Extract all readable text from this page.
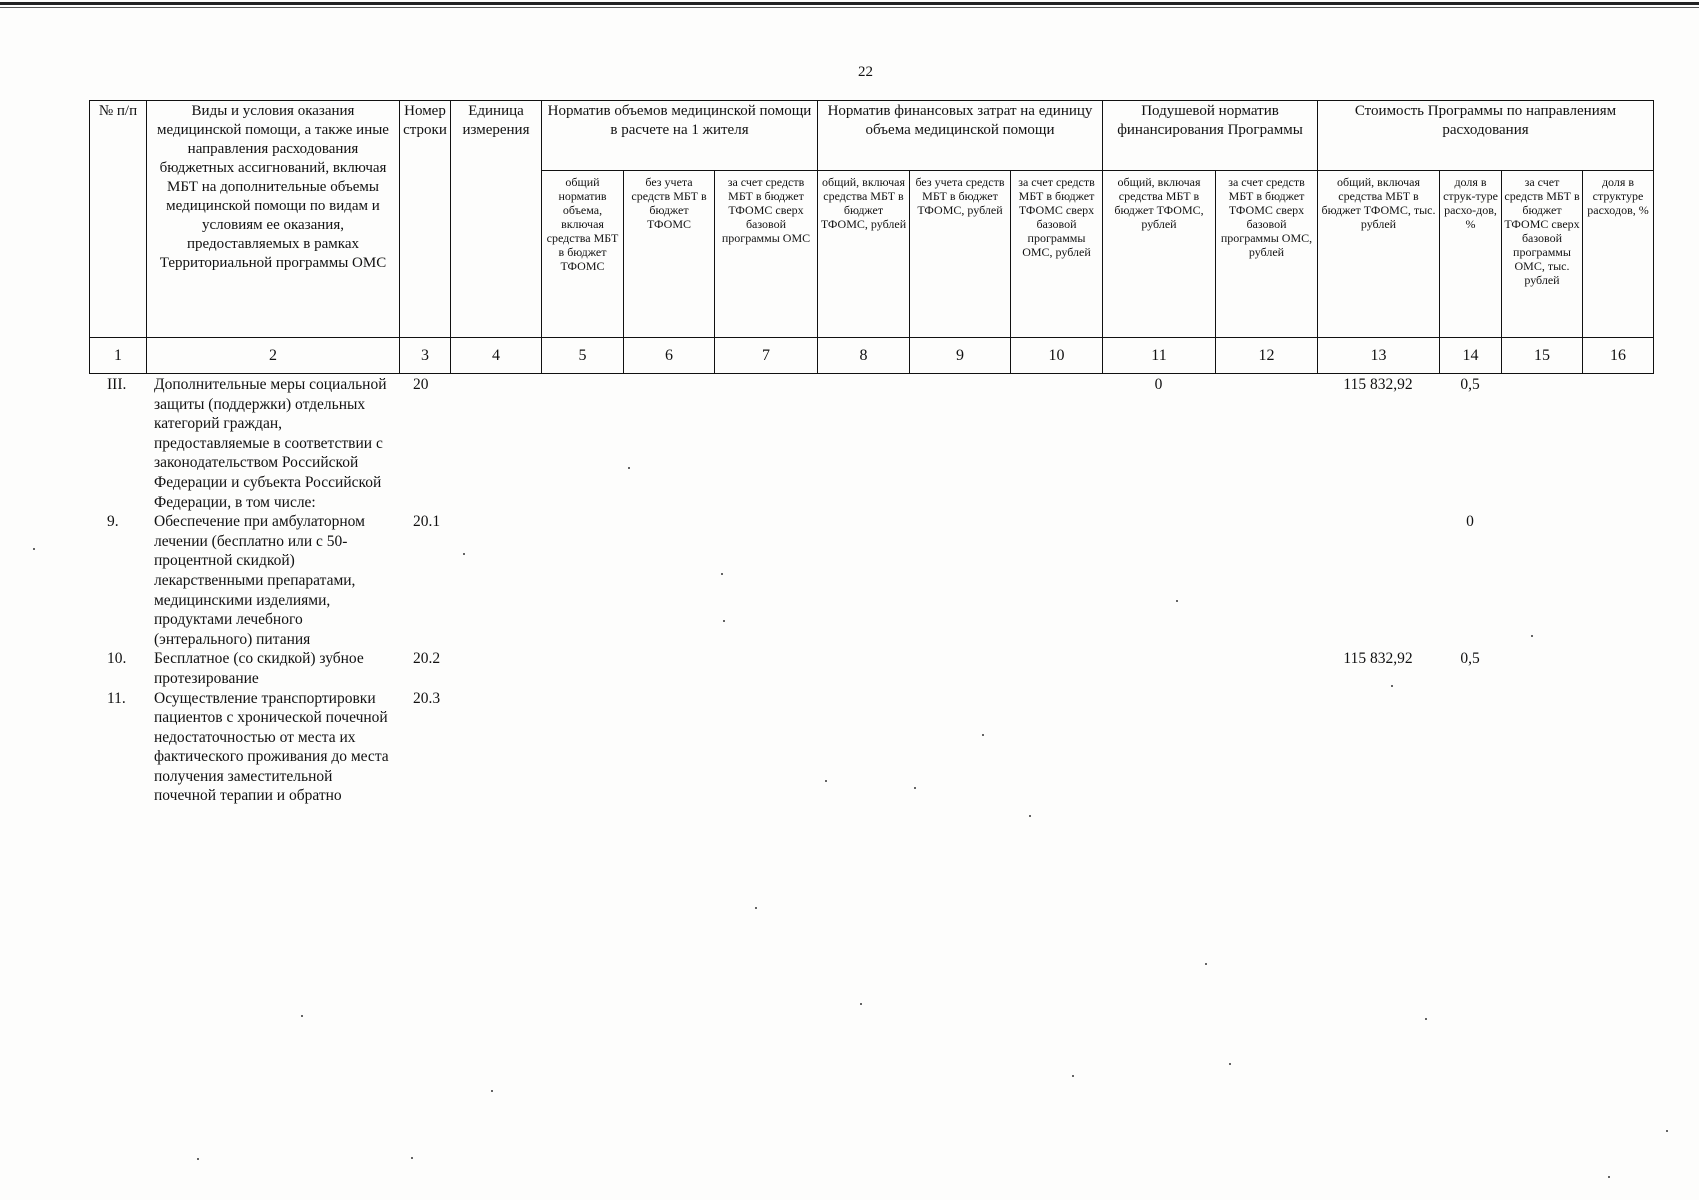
22
№ п/п	Виды и условия оказания медицинской помощи, а также иные направления расходования бюджетных ассигнований, включая МБТ на дополнительные объемы медицинской помощи по видам и условиям ее оказания, предоставляемых в рамках Территориальной программы ОМС	Номер строки	Единица измерения	Норматив объемов медицинской помощи в расчете на 1 жителя			Норматив финансовых затрат на единицу объема медицинской помощи			Подушевой норматив финансирования Программы		Стоимость Программы по направлениям расходования			
				общий норматив объема, включая средства МБТ в бюджет ТФОМС	без учета средств МБТ в бюджет ТФОМС	за счет средств МБТ в бюджет ТФОМС сверх базовой программы ОМС	общий, включая средства МБТ в бюджет ТФОМС, рублей	без учета средств МБТ в бюджет ТФОМС, рублей	за счет средств МБТ в бюджет ТФОМС сверх базовой программы ОМС, рублей	общий, включая средства МБТ в бюджет ТФОМС, рублей	за счет средств МБТ в бюджет ТФОМС сверх базовой программы ОМС, рублей	общий, включая средства МБТ в бюджет ТФОМС, тыс. рублей	доля в струк-туре расхо-дов, %	за счет средств МБТ в бюджет ТФОМС сверх базовой программы ОМС, тыс. рублей	доля в структуре расходов, %
1	2	3	4	5	6	7	8	9	10	11	12	13	14	15	16
III.	Дополнительные меры социальной защиты (поддержки) отдельных категорий граждан, предоставляемые в соответствии с законодательством Российской Федерации и субъекта Российской Федерации, в том числе:	20								0		115 832,92	0,5		
9.	Обеспечение при амбулаторном лечении (бесплатно или с 50-процентной скидкой) лекарственными препаратами, медицинскими изделиями, продуктами лечебного (энтерального) питания	20.1											0		
10.	Бесплатное (со скидкой) зубное протезирование	20.2										115 832,92	0,5		
11.	Осуществление транспортировки пациентов с хронической почечной недостаточностью от места их фактического проживания до места получения заместительной почечной терапии и обратно	20.3													
